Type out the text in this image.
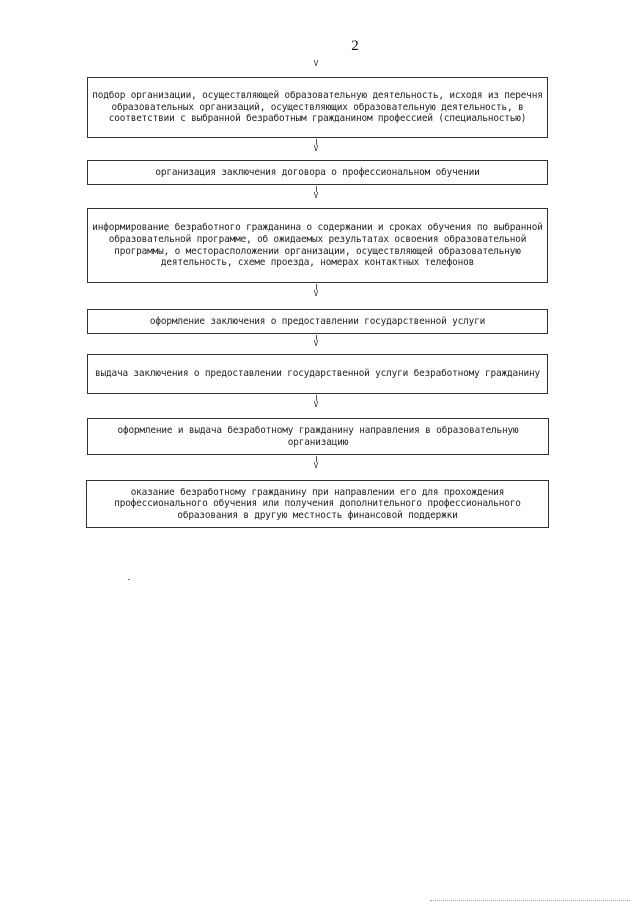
2
V
подбор организации, осуществляющей образовательную деятельность, исходя из перечня образовательных организаций, осуществляющих образовательную деятельность, в соответствии с выбранной безработным гражданином профессией (специальностью)
V
организация заключения договора о профессиональном обучении
V
информирование безработного гражданина о содержании и сроках обучения по выбранной образовательной программе, об ожидаемых результатах освоения образовательной программы, о месторасположении организации, осуществляющей образовательную деятельность, схеме проезда, номерах контактных телефонов
V
оформление заключения о предоставлении государственной услуги
V
выдача заключения о предоставлении государственной услуги безработному гражданину
V
оформление и выдача безработному гражданину направления в образовательную организацию
V
оказание безработному гражданину при направлении его для прохождения профессионального обучения или получения дополнительного профессионального образования в другую местность финансовой поддержки
